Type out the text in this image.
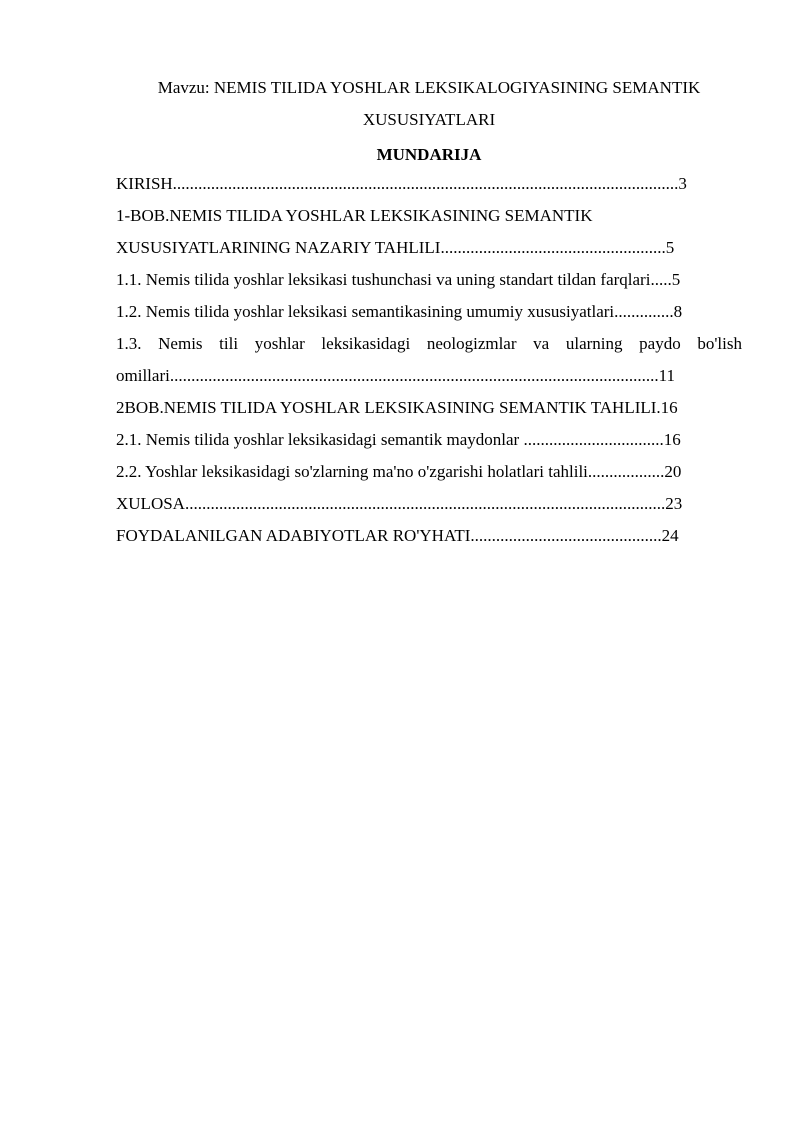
Mavzu: NEMIS TILIDA YOSHLAR LEKSIKALOGIYASINING SEMANTIK
XUSUSIYATLARI

MUNDARIJA
KIRISH.......................................................................................................................3
1-BOB.NEMIS TILIDA YOSHLAR LEKSIKASINING SEMANTIK
XUSUSIYATLARINING NAZARIY TAHLILI.....................................................5
1.1. Nemis tilida yoshlar leksikasi tushunchasi va uning standart tildan farqlari.....5
1.2. Nemis tilida yoshlar leksikasi semantikasining umumiy xususiyatlari..............8
1.3. Nemis tili yoshlar leksikasidagi neologizmlar va ularning paydo bo'lish
omillari...................................................................................................................11
2BOB.NEMIS TILIDA YOSHLAR LEKSIKASINING SEMANTIK TAHLILI.16
2.1. Nemis tilida yoshlar leksikasidagi semantik maydonlar .................................16
2.2. Yoshlar leksikasidagi so'zlarning ma'no o'zgarishi holatlari tahlili..................20
XULOSA.................................................................................................................23
FOYDALANILGAN ADABIYOTLAR RO'YHATI.............................................24
